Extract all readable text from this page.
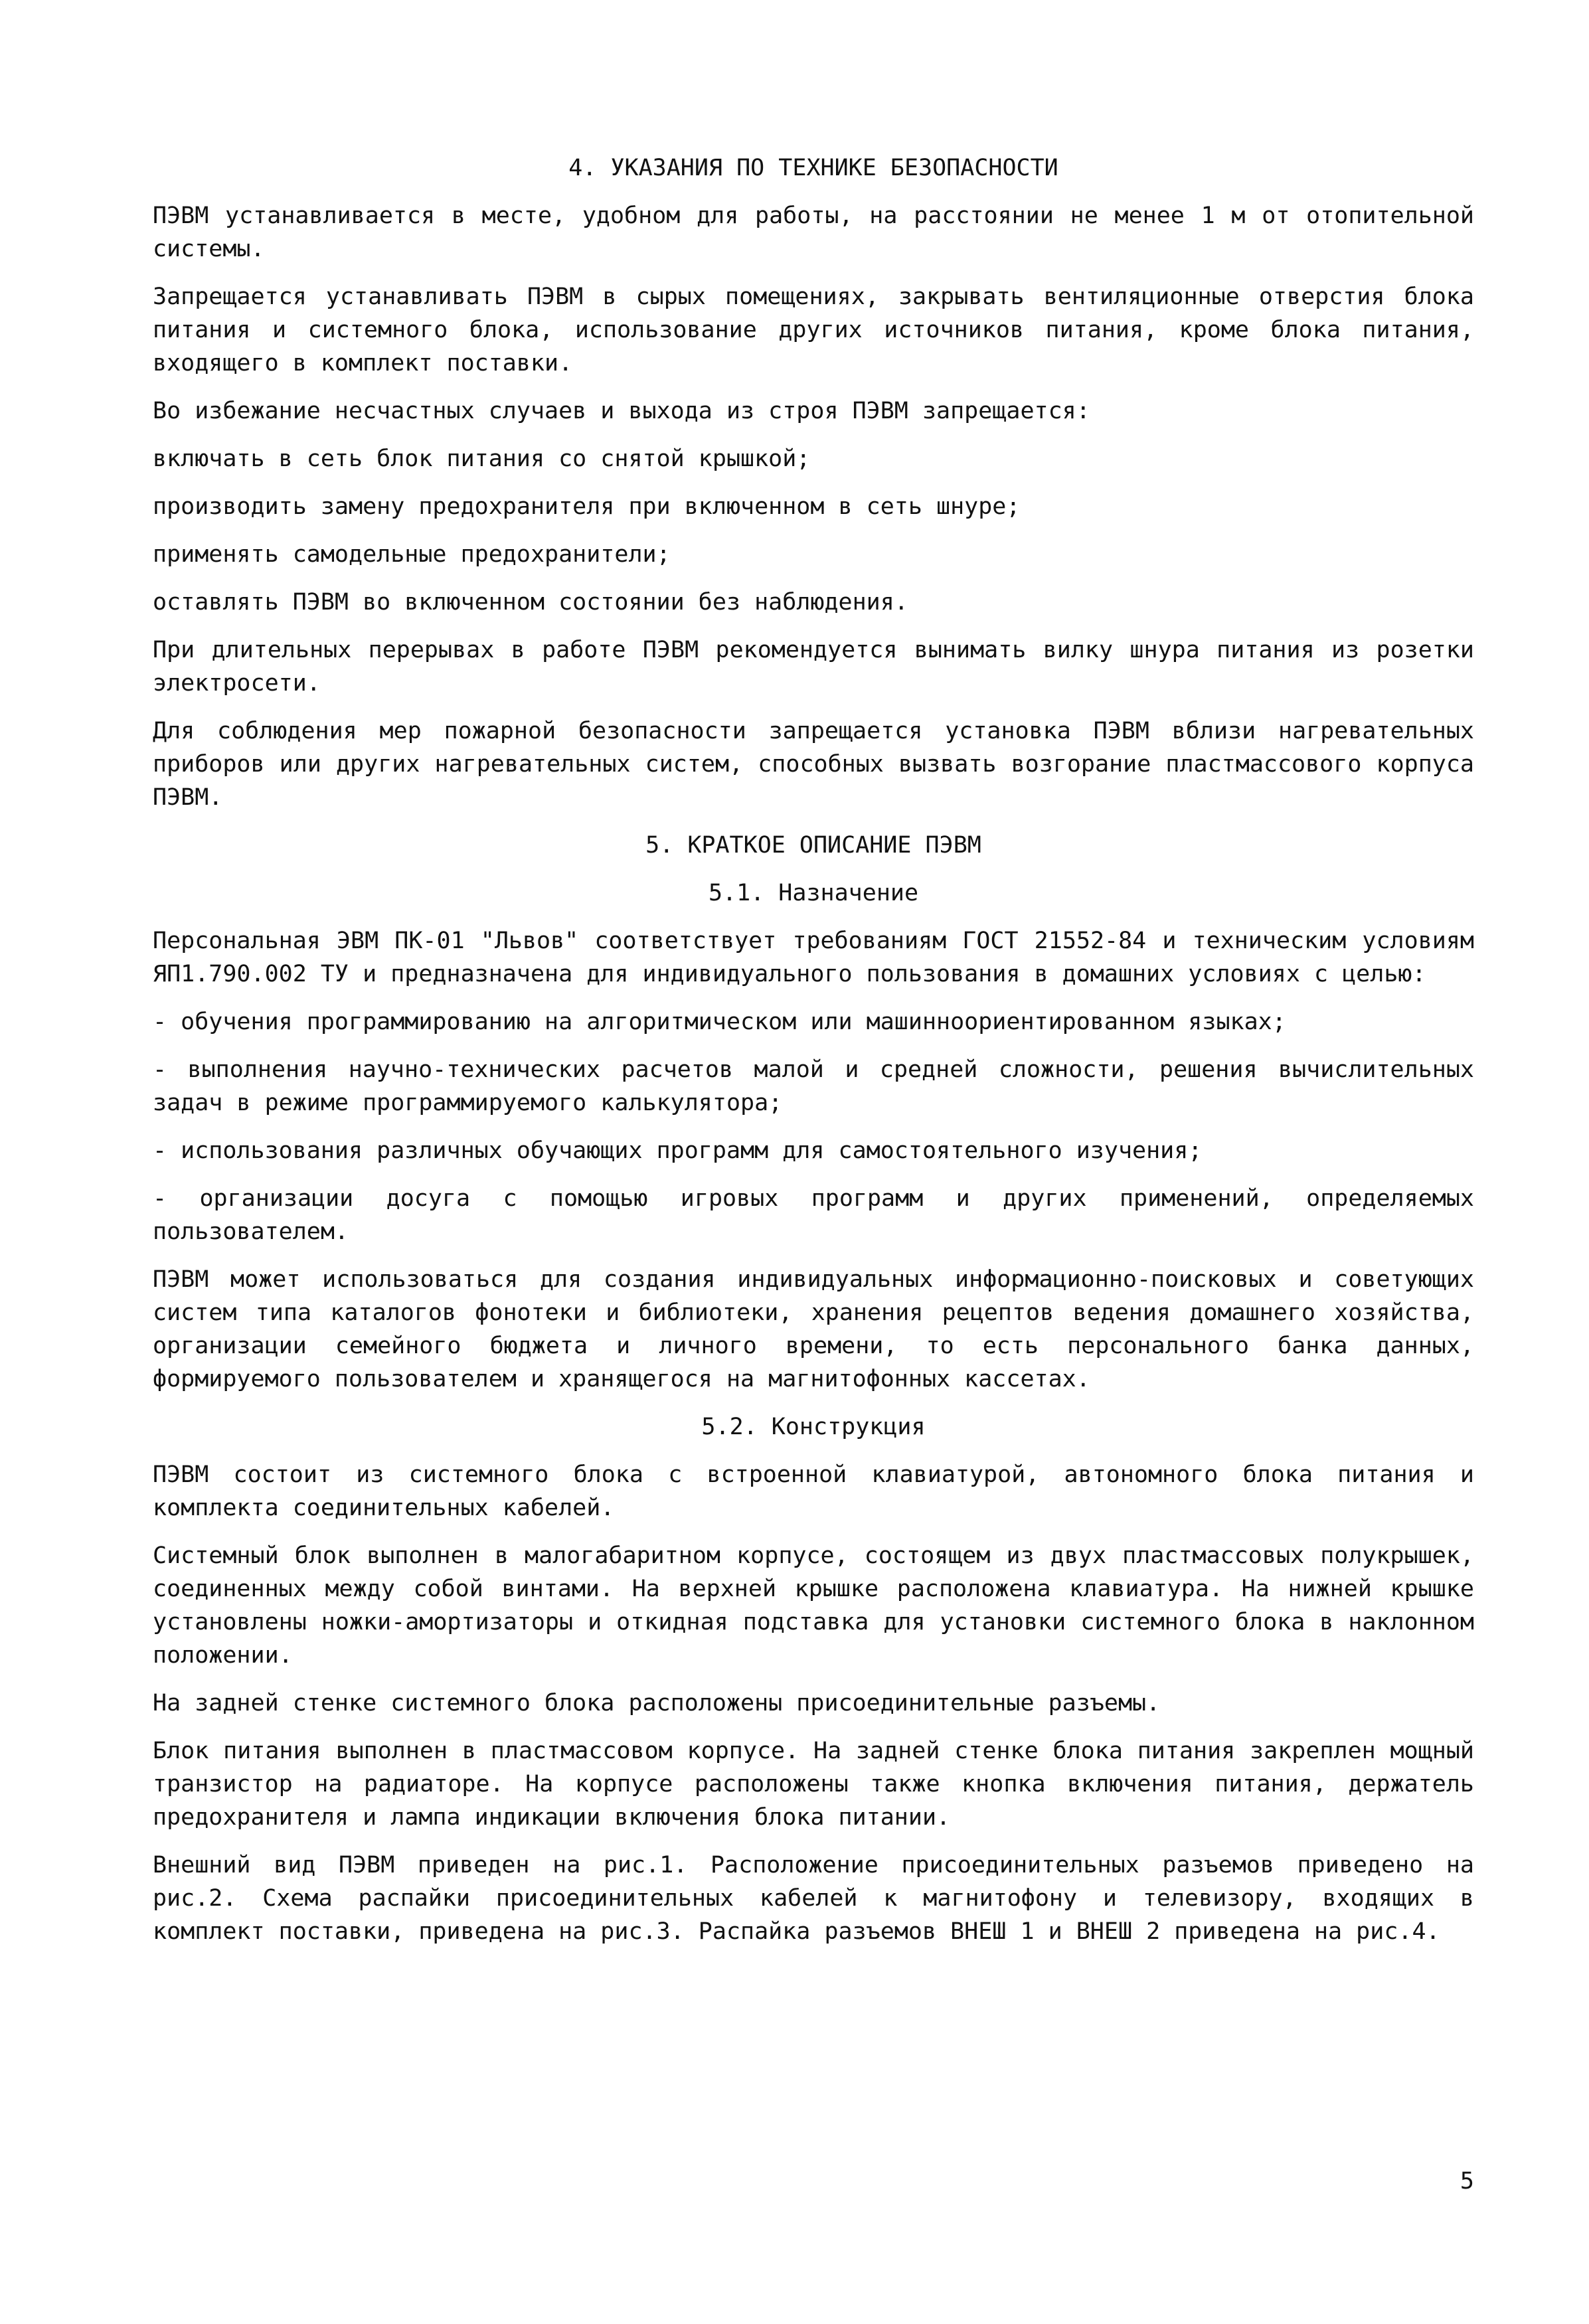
4. УКАЗАНИЯ ПО ТЕХНИКЕ БЕЗОПАСНОСТИ

ПЭВМ устанавливается в месте, удобном для работы, на расстоянии не менее 1 м от отопительной системы.

Запрещается устанавливать ПЭВМ в сырых помещениях, закрывать вентиляционные отверстия блока питания и системного блока, использование других источников питания, кроме блока питания, входящего в комплект поставки.

Во избежание несчастных случаев и выхода из строя ПЭВМ запрещается:

включать в сеть блок питания со снятой крышкой;

производить замену предохранителя при включенном в сеть шнуре;

применять самодельные предохранители;

оставлять ПЭВМ во включенном состоянии без наблюдения.

При длительных перерывах в работе ПЭВМ рекомендуется вынимать вилку шнура питания из розетки электросети.

Для соблюдения мер пожарной безопасности запрещается установка ПЭВМ вблизи нагревательных приборов или других нагревательных систем, способных вызвать возгорание пластмассового корпуса ПЭВМ.

5. КРАТКОЕ ОПИСАНИЕ ПЭВМ
5.1. Назначение

Персональная ЭВМ ПК-01 "Львов" соответствует требованиям ГОСТ 21552-84 и техническим условиям ЯП1.790.002 ТУ и предназначена для индивидуального пользования в домашних условиях с целью:

- обучения программированию на алгоритмическом или машинноориентированном языках;

- выполнения научно-технических расчетов малой и средней сложности, решения вычислительных задач в режиме программируемого калькулятора;

- использования различных обучающих программ для самостоятельного изучения;

- организации досуга с помощью игровых программ и других применений, определяемых пользователем.

ПЭВМ может использоваться для создания индивидуальных информационно-поисковых и советующих систем типа каталогов фонотеки и библиотеки, хранения рецептов ведения домашнего хозяйства, организации семейного бюджета и личного времени, то есть персонального банка данных, формируемого пользователем и хранящегося на магнитофонных кассетах.

5.2. Конструкция

ПЭВМ состоит из системного блока с встроенной клавиатурой, автономного блока питания и комплекта соединительных кабелей.

Системный блок выполнен в малогабаритном корпусе, состоящем из двух пластмассовых полукрышек, соединенных между собой винтами. На верхней крышке расположена клавиатура. На нижней крышке установлены ножки-амортизаторы и откидная подставка для установки системного блока в наклонном положении.

На задней стенке системного блока расположены присоединительные разъемы.

Блок питания выполнен в пластмассовом корпусе. На задней стенке блока питания закреплен мощный транзистор на радиаторе. На корпусе расположены также кнопка включения питания, держатель предохранителя и лампа индикации включения блока питании.

Внешний вид ПЭВМ приведен на рис.1. Расположение присоединительных разъемов приведено на рис.2. Схема распайки присоединительных кабелей к магнитофону и телевизору, входящих в комплект поставки, приведена на рис.3. Распайка разъемов ВНЕШ 1 и ВНЕШ 2 приведена на рис.4.

5
